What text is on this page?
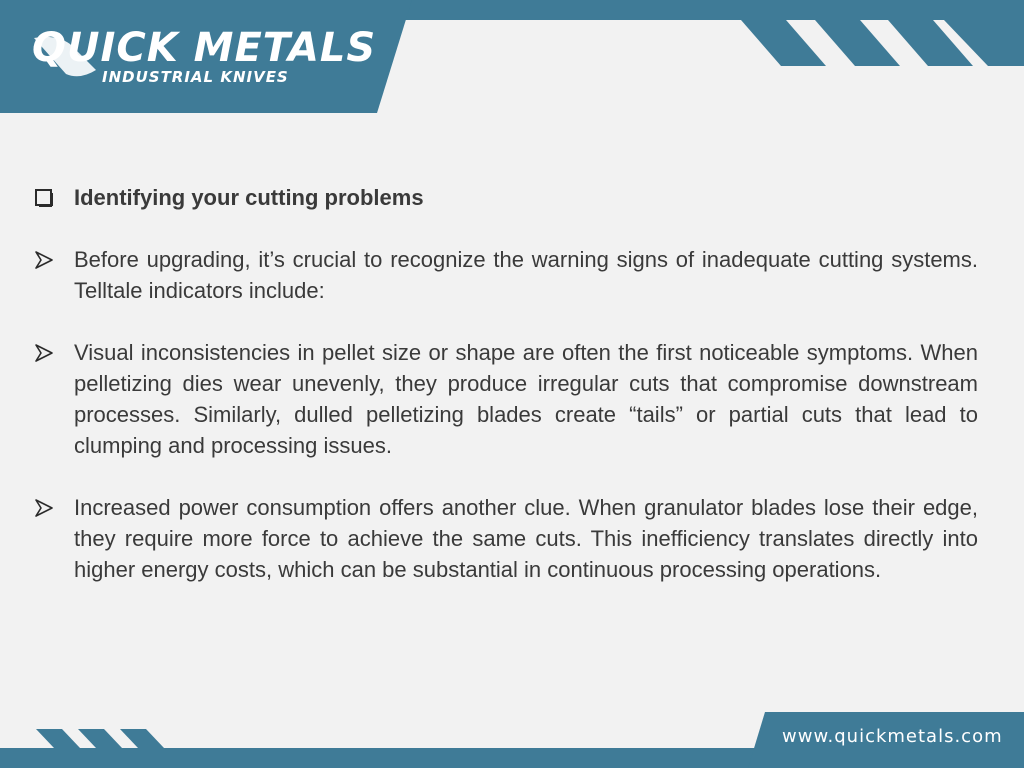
QUICK METALS
INDUSTRIAL KNIVES
Identifying your cutting problems
Before upgrading, it’s crucial to recognize the warning signs of inadequate cutting systems. Telltale indicators include:
Visual inconsistencies in pellet size or shape are often the first noticeable symptoms. When pelletizing dies wear unevenly, they produce irregular cuts that compromise downstream processes. Similarly, dulled pelletizing blades create “tails” or partial cuts that lead to clumping and processing issues.
Increased power consumption offers another clue. When granulator blades lose their edge, they require more force to achieve the same cuts. This inefficiency translates directly into higher energy costs, which can be substantial in continuous processing operations.
www.quickmetals.com
